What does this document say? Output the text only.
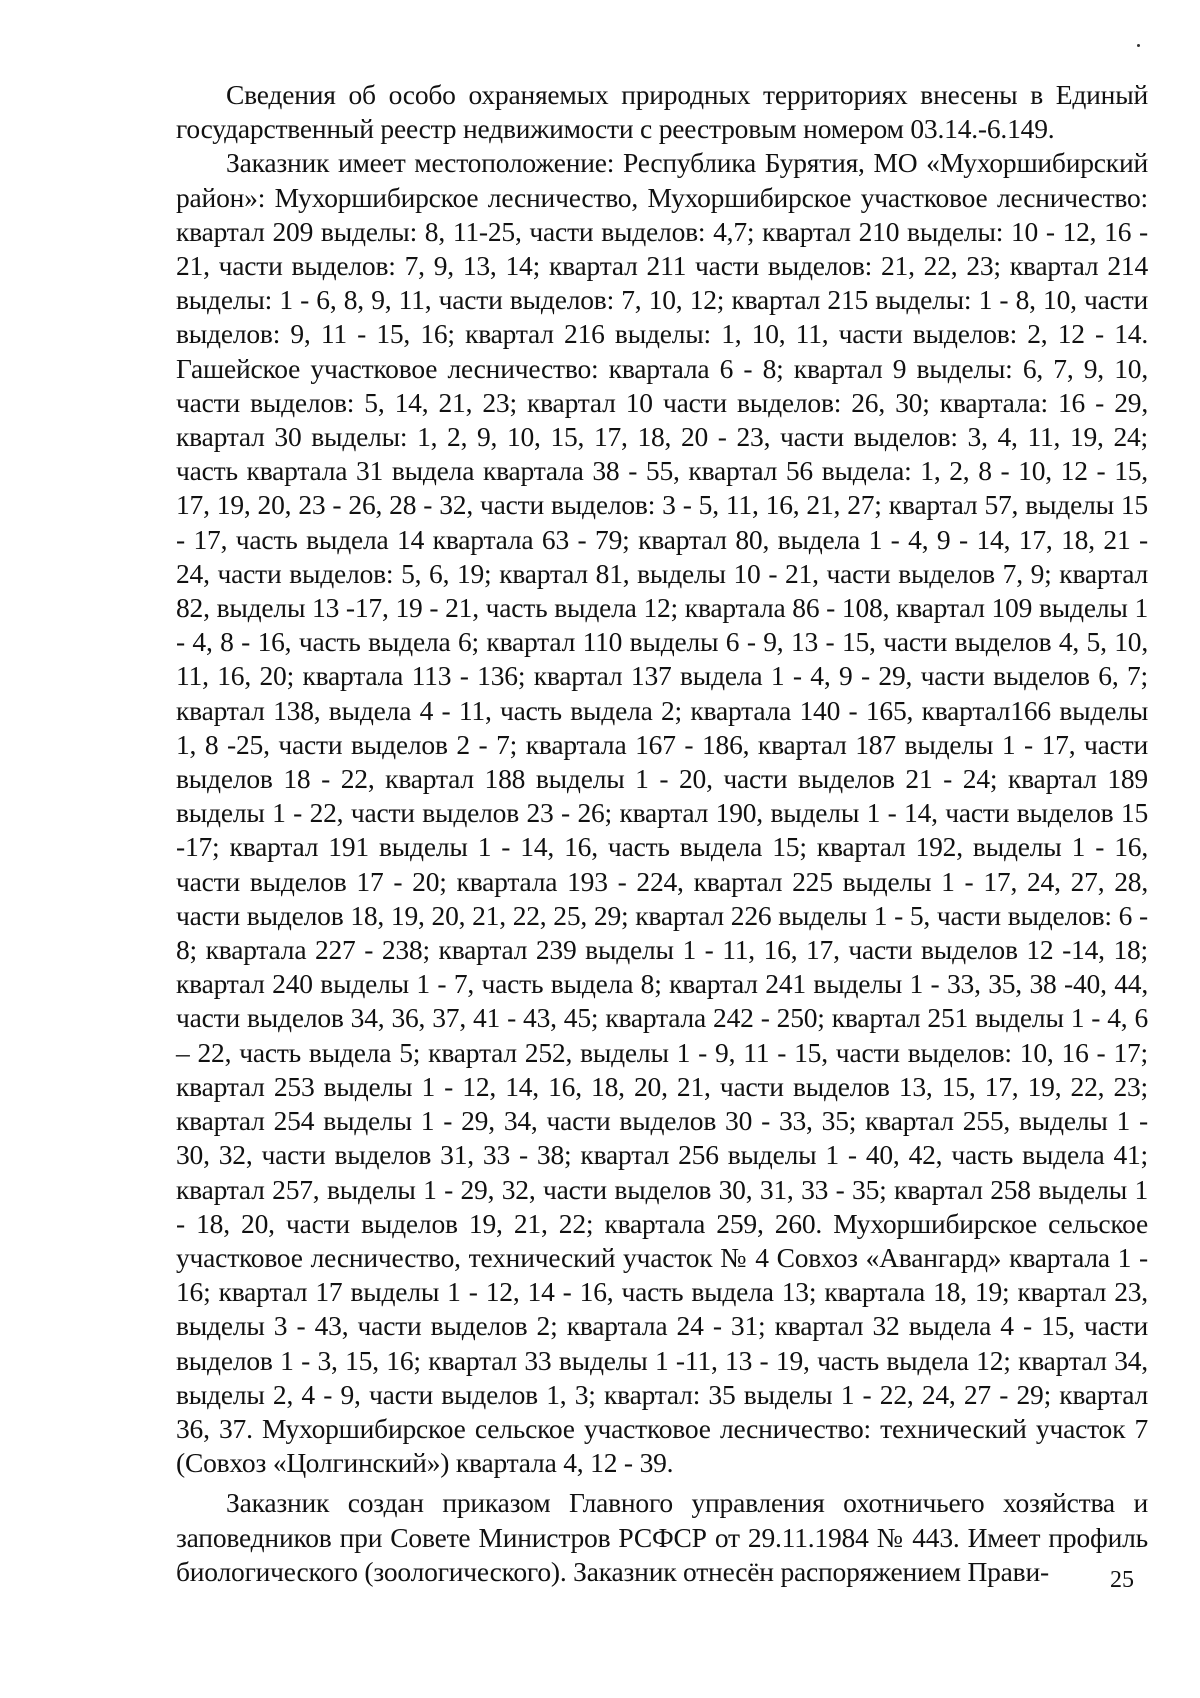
Сведения об особо охраняемых природных территориях внесены в Единый государственный реестр недвижимости с реестровым номером 03.14.-6.149.

Заказник имеет местоположение: Республика Бурятия, МО «Мухоршибирский район»: Мухоршибирское лесничество, Мухоршибирское участковое лесничество: квартал 209 выделы: 8, 11-25, части выделов: 4,7; квартал 210 выделы: 10 - 12, 16 - 21, части выделов: 7, 9, 13, 14; квартал 211 части выделов: 21, 22, 23; квартал 214 выделы: 1 - 6, 8, 9, 11, части выделов: 7, 10, 12; квартал 215 выделы: 1 - 8, 10, части выделов: 9, 11 - 15, 16; квартал 216 выделы: 1, 10, 11, части выделов: 2, 12 - 14. Гашейское участковое лесничество: квартала 6 - 8; квартал 9 выделы: 6, 7, 9, 10, части выделов: 5, 14, 21, 23; квартал 10 части выделов: 26, 30; квартала: 16 - 29, квартал 30 выделы: 1, 2, 9, 10, 15, 17, 18, 20 - 23, части выделов: 3, 4, 11, 19, 24; часть квартала 31 выдела квартала 38 - 55, квартал 56 выдела: 1, 2, 8 - 10, 12 - 15, 17, 19, 20, 23 - 26, 28 - 32, части выделов: 3 - 5, 11, 16, 21, 27; квартал 57, выделы 15 - 17, часть выдела 14 квартала 63 - 79; квартал 80, выдела 1 - 4, 9 - 14, 17, 18, 21 - 24, части выделов: 5, 6, 19; квартал 81, выделы 10 - 21, части выделов 7, 9; квартал 82, выделы 13 -17, 19 - 21, часть выдела 12; квартала 86 - 108, квартал 109 выделы 1 - 4, 8 - 16, часть выдела 6; квартал 110 выделы 6 - 9, 13 - 15, части выделов 4, 5, 10, 11, 16, 20; квартала 113 - 136; квартал 137 выдела 1 - 4, 9 - 29, части выделов 6, 7; квартал 138, выдела 4 - 11, часть выдела 2; квартала 140 - 165, квартал166 выделы 1, 8 -25, части выделов 2 - 7; квартала 167 - 186, квартал 187 выделы 1 - 17, части выделов 18 - 22, квартал 188 выделы 1 - 20, части выделов 21 - 24; квартал 189 выделы 1 - 22, части выделов 23 - 26; квартал 190, выделы 1 - 14, части выделов 15 -17; квартал 191 выделы 1 - 14, 16, часть выдела 15; квартал 192, выделы 1 - 16, части выделов 17 - 20; квартала 193 - 224, квартал 225 выделы 1 - 17, 24, 27, 28, части выделов 18, 19, 20, 21, 22, 25, 29; квартал 226 выделы 1 - 5, части выделов: 6 - 8; квартала 227 - 238; квартал 239 выделы 1 - 11, 16, 17, части выделов 12 -14, 18; квартал 240 выделы 1 - 7, часть выдела 8; квартал 241 выделы 1 - 33, 35, 38 -40, 44, части выделов 34, 36, 37, 41 - 43, 45; квартала 242 - 250; квартал 251 выделы 1 - 4, 6 – 22, часть выдела 5; квартал 252, выделы 1 - 9, 11 - 15, части выделов: 10, 16 - 17; квартал 253 выделы 1 - 12, 14, 16, 18, 20, 21, части выделов 13, 15, 17, 19, 22, 23; квартал 254 выделы 1 - 29, 34, части выделов 30 - 33, 35; квартал 255, выделы 1 - 30, 32, части выделов 31, 33 - 38; квартал 256 выделы 1 - 40, 42, часть выдела 41; квартал 257, выделы 1 - 29, 32, части выделов 30, 31, 33 - 35; квартал 258 выделы 1 - 18, 20, части выделов 19, 21, 22; квартала 259, 260. Мухоршибирское сельское участковое лесничество, технический участок № 4 Совхоз «Авангард» квартала 1 - 16; квартал 17 выделы 1 - 12, 14 - 16, часть выдела 13; квартала 18, 19; квартал 23, выделы 3 - 43, части выделов 2; квартала 24 - 31; квартал 32 выдела 4 - 15, части выделов 1 - 3, 15, 16; квартал 33 выделы 1 -11, 13 - 19, часть выдела 12; квартал 34, выделы 2, 4 - 9, части выделов 1, 3; квартал: 35 выделы 1 - 22, 24, 27 - 29; квартал 36, 37. Мухоршибирское сельское участковое лесничество: технический участок 7 (Совхоз «Цолгинский») квартала 4, 12 - 39.

Заказник создан приказом Главного управления охотничьего хозяйства и заповедников при Совете Министров РСФСР от 29.11.1984 № 443. Имеет профиль биологического (зоологического). Заказник отнесён распоряжением Прави-	25
